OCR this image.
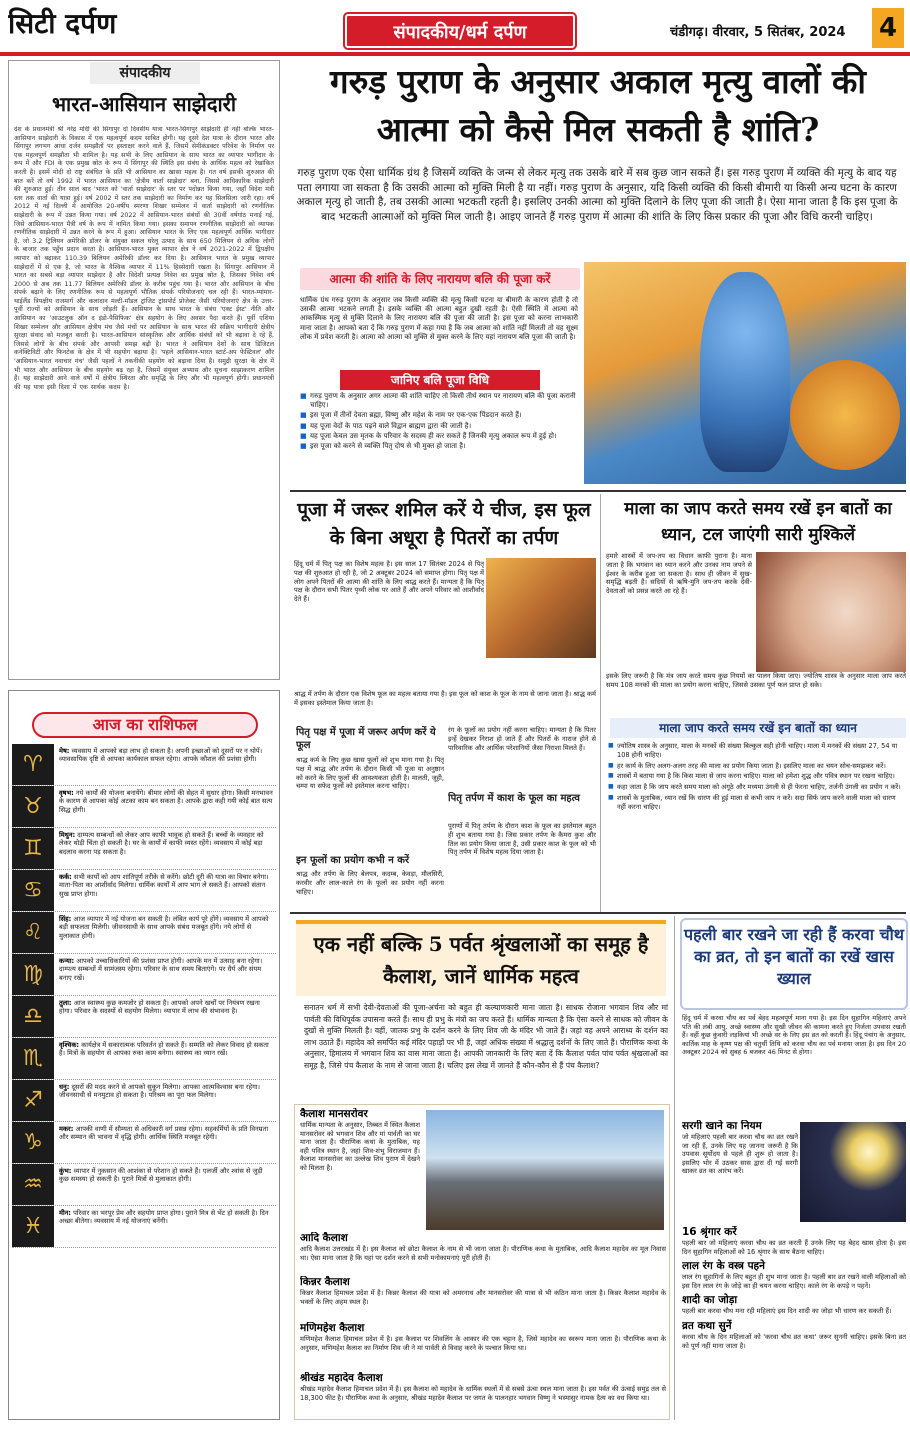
सिटी दर्पण	संपादकीय/धर्म दर्पण	चंडीगढ़। वीरवार, 5 सितंबर, 2024	4
संपादकीय
भारत-आसियान साझेदारी
देश के प्रधानमंत्री श्री नरेंद्र मोदी की सिंगापुर दो दिवसीय यात्रा भारत-सिंगापुर साझेदारी ही नहीं बल्कि भारत-आसियान साझेदारी के विकास में एक महत्वपूर्ण कदम साबित होगी। यह दूसरे देश यात्रा के दौरान भारत और सिंगापुर लगभग आधा दर्जन समझौतों पर हस्ताक्षर करने वाले हैं, जिसमें सेमीकंडक्टर परिवेश के निर्माण पर एक महत्वपूर्ण समझौता भी शामिल है। यह सभी के लिए आसियान के साथ भारत का व्यापार भागीदार के रूप में और FDI के एक प्रमुख स्रोत के रूप में सिंगापुर की स्थिति इस संबंध के आर्थिक महत्व को रेखांकित करती है। इसमें मोदी दो राष्ट्र संबंधित के प्रति भी आसियान का खासा महत्व है। गत वर्ष इसकी शुरुआत की बात करें तो वर्ष 1992 में भारत आसियान का 'क्षेत्रीय वार्ता साझेदार' बना, जिससे आधिकारिक साझेदारी की शुरुआत हुई। तीन साल बाद 'भारत को 'वार्ता साझेदार' के स्तर पर पदोन्नत किया गया, जहाँ विदेश मंत्री स्तर तक वार्ता की यात्रा हुई। वर्ष 2002 में स्तर तक साझेदारी का निर्माण कर यह सिलसिला जारी रहा। वर्ष 2012 में नई दिल्ली में आयोजित 20-वर्षीय स्मरणा शिखर सम्मेलन में वार्ता साझेदारी को रणनीतिक साझेदारी के रूप में उन्नत किया गया। वर्ष 2022 में आसियान-भारत संबंधों की 30वीं वर्षगांठ मनाई गई, जिसे आसियान-भारत मैत्री वर्ष के रूप में नामित किया गया। इसका समापन रणनीतिक साझेदारी को व्यापक रणनीतिक साझेदारी में उन्नत करने के रूप में हुआ। आसियान भारत के लिए एक महत्वपूर्ण आर्थिक भागीदार है, जो 3.2 ट्रिलियन अमेरिकी डॉलर के संयुक्त सकल घरेलू उत्पाद के साथ 650 मिलियन से अधिक लोगों के बाजार तक पहुँच प्रदान करता है। आसियान-भारत मुक्त व्यापार क्षेत्र ने वर्ष 2021-2022 में द्विपक्षीय व्यापार को बढ़ाकर 110.39 बिलियन अमेरिकी डॉलर कर दिया है। आसियान भारत के प्रमुख व्यापार साझेदारों में से एक है, जो भारत के वैश्विक व्यापार में 11% हिस्सेदारी रखता है। सिंगापुर आसियान में भारत का सबसे बड़ा व्यापार साझेदार है और विदेशी प्रत्यक्ष निवेश का प्रमुख स्रोत है, जिसका निवेश वर्ष 2000 से अब तक 11.77 बिलियन अमेरिकी डॉलर के करीब पहुंच गया है। भारत और आसियान के बीच संपर्क बढ़ाने के लिए रणनीतिक रूप से महत्वपूर्ण भौतिक संपर्क परियोजनाएं चल रही हैं। भारत-म्यांमार-थाईलैंड त्रिपक्षीय राजमार्ग और कलादान मल्टी-मॉडल ट्रांजिट ट्रांसपोर्ट प्रोजेक्ट जैसी परियोजनाएं क्षेत्र के उत्तर-पूर्वी राज्यों को आसियान के साथ जोड़ती हैं। आसियान के साथ भारत के संबंध 'एक्ट ईस्ट' नीति और आसियान का 'आउटलुक ऑन द इंडो-पैसिफिक' क्षेत्र सहयोग के लिए अवसर पैदा करते हैं। पूर्वी एशिया शिखर सम्मेलन और आसियान क्षेत्रीय मंच जैसे मंचों पर आसियान के साथ भारत की सक्रिय भागीदारी क्षेत्रीय सुरक्षा संवाद को मजबूत करती है। भारत-आसियान सांस्कृतिक और आर्थिक संबंधों को भी बढ़ावा दे रहे हैं, जिससे लोगों के बीच संपर्क और आपसी समझ बढ़ी है। भारत ने आसियान देशों के साथ डिजिटल कनेक्टिविटी और फिनटेक के क्षेत्र में भी सहयोग बढ़ाया है। 'पहले आसियान-भारत स्टार्ट-अप फेस्टिवल' और 'आसियान-भारत नवाचार मंच' जैसी पहलों ने तकनीकी सहयोग को बढ़ावा दिया है। समुद्री सुरक्षा के क्षेत्र में भी भारत और आसियान के बीच सहयोग बढ़ रहा है, जिसमें संयुक्त अभ्यास और सूचना साझाकरण शामिल हैं। यह साझेदारी आने वाले वर्षों में क्षेत्रीय स्थिरता और समृद्धि के लिए और भी महत्वपूर्ण होगी। प्रधानमंत्री की यह यात्रा इसी दिशा में एक सार्थक कदम है।
आज का राशिफल
♈
मेष: व्यवसाय में आपको बड़ा लाभ हो सकता है। अपनी इच्छाओं को दूसरों पर न थोपें। व्यावसायिक दृष्टि से आपका कार्यकाल सफल रहेगा। आपके कौशल की प्रशंसा होगी।
♉
वृषभ: नये कार्यों की योजना बनायेंगे। बीमार लोगों की सेहत में सुधार होगा। किसी मनभावन के कारण से आपका कोई अटका काम बन सकता है। आपके द्वारा कही गयी कोई बात सत्य सिद्ध होगी।
♊
मिथुन: दाम्पत्य सम्बन्धों को लेकर आप काफी भावुक हो सकते हैं। बच्चों के व्यवहार को लेकर थोड़ी चिंता हो सकती है। घर के कार्यों में काफी व्यस्त रहेंगे। व्यवसाय में कोई बड़ा बदलाव करना पड़ सकता है।
♋
कर्क: सभी कार्यों को आप शांतिपूर्ण तरीके से करेंगे। छोटी दूरी की यात्रा का विचार बनेगा। माता-पिता का आशीर्वाद मिलेगा। धार्मिक कार्यों में आप भाग ले सकते हैं। आपको संतान सुख प्राप्त होगा।
♌
सिंह: आज व्यापार में नई योजना बन सकती है। लंबित कार्य पूरे होंगे। व्यवसाय में आपको बड़ी सफलता मिलेगी। जीवनसाथी के साथ आपके संबंध मजबूत होंगे। नये लोगों से मुलाकात होगी।
♍
कन्या: आपको उच्चाधिकारियों की प्रशंसा प्राप्त होगी। आपके मन में उत्साह बना रहेगा। दाम्पत्य सम्बन्धों में सामंजस्य रहेगा। परिवार के साथ समय बिताएंगे। पर धैर्य और संयम बनाए रखें।
♎
तुला: आज स्वास्थ्य कुछ कमजोर हो सकता है। आपको अपने खर्चों पर नियंत्रण रखना होगा। परिवार के सदस्यों से सहयोग मिलेगा। व्यापार में लाभ की संभावना है।
♏
वृश्चिक: कार्यक्षेत्र में सकारात्मक परिवर्तन हो सकते हैं। सम्मति को लेकर विवाद हो सकता है। मित्रों के सहयोग से आपका रुका काम बनेगा। स्वास्थ्य का ध्यान रखें।
♐
धनु: दूसरों की मदद करने से आपको सुकून मिलेगा। आपका आत्मविश्वास बना रहेगा। जीवनसाथी से मनमुटाव हो सकता है। परिश्रम का पूरा फल मिलेगा।
♑
मकर: आपकी वाणी में सौम्यता से अधिकारी वर्ग प्रसन्न रहेगा। सहकर्मियों के प्रति विनम्रता और सम्मान की भावना में वृद्धि होगी। आर्थिक स्थिति मजबूत रहेगी।
♒
कुंभ: व्यापार में नुकसान की आशंका से परेशान हो सकते हैं। एलर्जी और श्वांस से जुड़ी कुछ समस्या हो सकती है। पुराने मित्रों से मुलाकात होगी।
♓
मीन: परिवार का भरपूर प्रेम और सहयोग प्राप्त होगा। पुराने मित्र से भेंट हो सकती है। दिन अच्छा बीतेगा। व्यवसाय में नई योजनाएं बनेंगी।
गरुड़ पुराण के अनुसार अकाल मृत्यु वालों की आत्मा को कैसे मिल सकती है शांति?
गरुड़ पुराण एक ऐसा धार्मिक ग्रंथ है जिसमें व्यक्ति के जन्म से लेकर मृत्यु तक उसके बारे में सब कुछ जान सकते हैं। इस गरुड़ पुराण में व्यक्ति की मृत्यु के बाद यह पता लगाया जा सकता है कि उसकी आत्मा को मुक्ति मिली है या नहीं। गरुड़ पुराण के अनुसार, यदि किसी व्यक्ति की किसी बीमारी या किसी अन्य घटना के कारण अकाल मृत्यु हो जाती है, तब उसकी आत्मा भटकती रहती है। इसलिए उनकी आत्मा को मुक्ति दिलाने के लिए पूजा की जाती है। ऐसा माना जाता है कि इस पूजा के बाद भटकती आत्माओं को मुक्ति मिल जाती है। आइए जानते हैं गरुड़ पुराण में आत्मा की शांति के लिए किस प्रकार की पूजा और विधि करनी चाहिए।
आत्मा की शांति के लिए नारायण बलि की पूजा करें
धार्मिक ग्रंथ गरुड़ पुराण के अनुसार जब किसी व्यक्ति की मृत्यु किसी घटना या बीमारी के कारण होती है तो उसकी आत्मा भटकने लगती है। इसके व्यक्ति की आत्मा बहुत दुखी रहती है। ऐसी स्थिति में आत्मा को आकस्मिक मृत्यु से मुक्ति दिलाने के लिए नारायण बलि की पूजा की जाती है। इस पूजा को करना लाभकारी माना जाता है। आपको बता दें कि गरुड़ पुराण में कहा गया है कि जब आत्मा को शांति नहीं मिलती तो वह सूक्ष्म लोक में प्रवेश करती है। आत्मा को आत्मा को मुक्ति से मुक्त करने के लिए यहां नारायण बलि पूजा की जाती है।
जानिए बलि पूजा विधि
■ गरुड़ पुराण के अनुसार अगर आत्मा की शांति चाहिए तो किसी तीर्थ स्थान पर नारायण बलि की पूजा करानी चाहिए।
■ इस पूजा में तीनों देवता ब्रह्मा, विष्णु और महेश के नाम पर एक-एक पिंडदान करते हैं।
■ यह पूजा वेदों के पाठ पढ़ने वाले विद्वान ब्राह्मण द्वारा की जाती है।
■ यह पूजा केवल उस मृतक के परिवार के सदस्य ही कर सकते हैं जिनकी मृत्यु अकाल रूप में हुई हो।
■ इस पूजा को करने से व्यक्ति पितृ दोष से भी मुक्त हो जाता है।
पूजा में जरूर शमिल करें ये चीज, इस फूल के बिना अधूरा है पितरों का तर्पण
हिंदू धर्म में पितृ पक्ष का विशेष महत्व है। इस साल 17 सितंबर 2024 से पितृ पक्ष की शुरुआत हो रही है, जो 2 अक्टूबर 2024 को समाप्त होगा। पितृ पक्ष में लोग अपने पितरों की आत्मा की शांति के लिए श्राद्ध करते हैं। मान्यता है कि पितृ पक्ष के दौरान सभी पितर पृथ्वी लोक पर आते हैं और अपने परिवार को आशीर्वाद देते हैं।
श्राद्ध में तर्पण के दौरान एक विशेष फूल का महत्व बताया गया है। इस फूल को काश के फूल के नाम से जाना जाता है। श्राद्ध कर्म में इसका इस्तेमाल किया जाता है।
पितृ पक्ष में पूजा में जरूर अर्पण करें ये फूल
श्राद्ध कर्म के लिए कुछ खास फूलों को शुभ माना गया है। पितृ पक्ष में श्राद्ध और तर्पण के दौरान किसी भी पूजा या अनुष्ठान को करने के लिए फूलों की आवश्यकता होती है। मालती, जूही, चम्पा या सफेद फूलों को इस्तेमाल करना चाहिए।
इन फूलों का प्रयोग कभी न करें
श्राद्ध और तर्पण के लिए बेलपत्र, कदम्ब, केवड़ा, मौलसिरी, करवीर और लाल-काले रंग के फूलों का प्रयोग नहीं करना चाहिए।
रंग के फूलों का प्रयोग नहीं करना चाहिए। मान्यता है कि पितर इन्हें देखकर निराश हो जाते हैं और पितरों के नाराज होने से पारिवारिक और आर्थिक परेशानियों जैसा निराशा मिलते हैं।
पितृ तर्पण में काश के फूल का महत्व
पुराणों में पितृ तर्पण के दौरान काश के फूल का इस्तेमाल बहुत ही शुभ बताया गया है। जिस प्रकार तर्पण के कैमरा कुश और तिल का प्रयोग किया जाता है, उसी प्रकार काश के फूल को भी पितृ तर्पण में विशेष महत्व दिया जाता है।
माला का जाप करते समय रखें इन बातों का ध्यान, टल जाएंगी सारी मुश्किलें
हमारे शास्त्रों में जप-तप का विधान काफी पुराना है। माना जाता है कि भगवान का ध्यान करने और उनका नाम जपने से ईश्वर के करीब हुआ जा सकता है। साथ ही जीवन में सुख-समृद्धि बढ़ती है। सदियों से ऋषि-मुनि जप-तप करके देवी-देवताओं को प्रसन्न करते आ रहे हैं।
इसके लिए जरूरी है कि मंत्र जाप करते समय कुछ नियमों का पालन किया जाए। ज्योतिष शास्त्र के अनुसार माला जाप करते समय 108 मनकों की माला का प्रयोग करना चाहिए, जिससे उसका पूर्ण फल प्राप्त हो सके।
माला जाप करते समय रखें इन बातों का ध्यान
■ ज्योतिष शास्त्र के अनुसार, माला के मनकों की संख्या बिल्कुल सही होनी चाहिए। माला में मनकों की संख्या 27, 54 या 108 होनी चाहिए।
■ हर कार्य के लिए अलग-अलग तरह की माला का प्रयोग किया जाता है। इसलिए माला का चयन सोच-समझकर करें।
■ शास्त्रों में बताया गया है कि किस माला से जाप करना चाहिए। माला को हमेशा शुद्ध और पवित्र स्थान पर रखना चाहिए।
■ कहा जाता है कि जाप करते समय माला को अंगूठे और मध्यमा उंगली से ही फेरना चाहिए, तर्जनी उंगली का प्रयोग न करें।
■ शास्त्रों के मुताबिक, ध्यान रखें कि धारण की हुई माला से कभी जाप न करें। सदा सिर्फ जाप करने वाली माला को धारण नहीं करना चाहिए।
एक नहीं बल्कि 5 पर्वत श्रृंखलाओं का समूह है कैलाश, जानें धार्मिक महत्व
सनातन धर्म में सभी देवी-देवताओं की पूजा-अर्चना को बहुत ही कल्याणकारी माना जाता है। साधक रोजाना भगवान शिव और मां पार्वती की विधिपूर्वक उपासना करते हैं। साथ ही प्रभु के मंत्रों का जप करते हैं। धार्मिक मान्यता है कि ऐसा करने से साधक को जीवन के दुखों से मुक्ति मिलती है। वहीं, जातक प्रभु के दर्शन करने के लिए शिव जी के मंदिर भी जाते हैं। जहां वह अपने आराध्य के दर्शन का लाभ उठाते हैं। महादेव को समर्पित कई मंदिर पहाड़ों पर भी हैं, जहां अधिक संख्या में श्रद्धालु दर्शनों के लिए जाते हैं। पौराणिक कथा के अनुसार, हिमालय में भगवान शिव का वास माना जाता है। आपकी जानकारी के लिए बता दें कि कैलाश पर्वत पांच पर्वत श्रृंखलाओं का समूह है, जिसे पंच कैलाश के नाम से जाना जाता है। चलिए इस लेख में जानते हैं कौन-कौन से हैं पंच कैलाश?
कैलाश मानसरोवर
धार्मिक मान्यता के अनुसार, तिब्बत में स्थित कैलाश मानसरोवर को भगवान शिव और मां पार्वती का घर माना जाता है। पौराणिक कथा के मुताबिक, यह वही पवित्र स्थान है, जहां शिव-शंभु विराजमान हैं। कैलाश मानसरोवर का उल्लेख शिव पुराण में देखने को मिलता है।
आदि कैलाश
आदि कैलाश उत्तराखंड में है। इस कैलाश को छोटा कैलाश के नाम से भी जाना जाता है। पौराणिक कथा के मुताबिक, आदि कैलाश महादेव का मूल निवास था। ऐसा माना जाता है कि यहां पर दर्शन करने से सभी मनोकामनाएं पूरी होती हैं।
किन्नर कैलाश
किन्नर कैलाश हिमाचल प्रदेश में है। किन्नर कैलाश की यात्रा को अमरनाथ और मानसरोवर की यात्रा से भी कठिन माना जाता है। किन्नर कैलाश महादेव के भक्तों के लिए अहम स्थल है।
मणिमहेश कैलाश
मणिमहेश कैलाश हिमाचल प्रदेश में है। इस कैलाश पर शिवलिंग के आकार की एक चट्टान है, जिसे महादेव का स्वरूप माना जाता है। पौराणिक कथा के अनुसार, मणिमहेश कैलाश का निर्माण शिव जी ने मां पार्वती से विवाह करने के पश्चात किया था।
श्रीखंड महादेव कैलाश
श्रीखंड महादेव कैलाश हिमाचल प्रदेश में है। इस कैलाश को महादेव के धार्मिक स्थलों में से सबसे ऊंचा स्थल माना जाता है। इस पर्वत की ऊंचाई समुद्र तल से 18,300 फीट है। पौराणिक कथा के अनुसार, श्रीखंड महादेव कैलाश पर जगत के पालनहार भगवान विष्णु ने भस्मासुर नामक दैत्य का वध किया था।
पहली बार रखने जा रही हैं करवा चौथ का व्रत, तो इन बातों का रखें खास ख्याल
हिंदू धर्म में करवा चौथ का पर्व बेहद महत्वपूर्ण माना गया है। इस दिन सुहागिन महिलाएं अपने पति की लंबी आयु, अच्छे स्वास्थ्य और सुखी जीवन की कामना करते हुए निर्जला उपवास रखती हैं। वहीं कुछ कुंवारी लड़कियां भी अच्छे वर के लिए इस व्रत को करती हैं। हिंदू पंचांग के अनुसार, कार्तिक माह के कृष्ण पक्ष की चतुर्थी तिथि को करवा चौथ का पर्व मनाया जाता है। इस दिन 20 अक्टूबर 2024 को सुबह 6 बजकर 46 मिनट से होगा।
सरगी खाने का नियम
जो महिलाएं पहली बार करवा चौथ का व्रत रखने जा रही हैं, उनके लिए यह जानना जरूरी है कि उपवास सूर्योदय से पहले ही शुरू हो जाता है। इसलिए भोर में उठकर सास द्वारा दी गई सरगी खाकर व्रत का आरंभ करें।
16 श्रृंगार करें
पहली बार जो महिलाएं करवा चौथ का व्रत करती हैं उनके लिए यह बेहद खास होता है। इस दिन सुहागिन महिलाओं को 16 श्रृंगार के साथ बैठना चाहिए।
लाल रंग के वस्त्र पहने
लाल रंग सुहागिनों के लिए बहुत ही शुभ माना जाता है। पहली बार व्रत रखने वाली महिलाओं को इस दिन लाल रंग के जोड़े का ही चयन करना चाहिए। काले रंग के कपड़े न पहनें।
शादी का जोड़ा
पहली बार करवा चौथ मना रही महिलाएं इस दिन शादी का जोड़ा भी धारण कर सकती हैं।
व्रत कथा सुनें
करवा चौथ के दिन महिलाओं को 'करवा चौथ व्रत कथा' जरूर सुननी चाहिए। इसके बिना व्रत को पूर्ण नहीं माना जाता है।
